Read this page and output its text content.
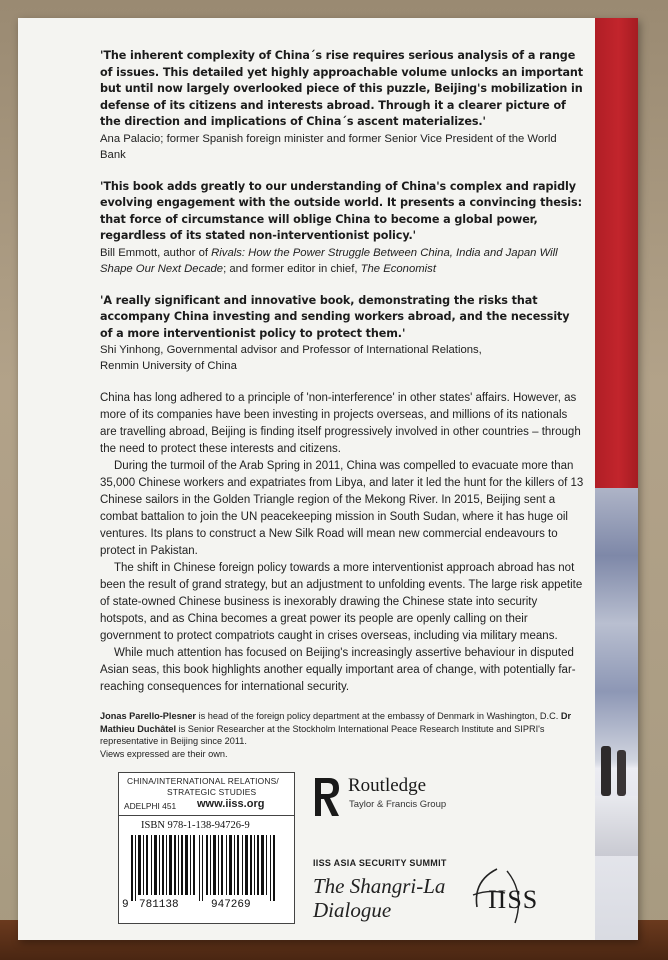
'The inherent complexity of China´s rise requires serious analysis of a range of issues. This detailed yet highly approachable volume unlocks an important but until now largely overlooked piece of this puzzle, Beijing's mobilization in defense of its citizens and interests abroad. Through it a clearer picture of the direction and implications of China´s ascent materializes.'

Ana Palacio; former Spanish foreign minister and former Senior Vice President of the World Bank

'This book adds greatly to our understanding of China's complex and rapidly evolving engagement with the outside world. It presents a convincing thesis: that force of circumstance will oblige China to become a global power, regardless of its stated non-interventionist policy.'

Bill Emmott, author of Rivals: How the Power Struggle Between China, India and Japan Will Shape Our Next Decade; and former editor in chief, The Economist

'A really significant and innovative book, demonstrating the risks that accompany China investing and sending workers abroad, and the necessity of a more interventionist policy to protect them.'

Shi Yinhong, Governmental advisor and Professor of International Relations,
Renmin University of China

China has long adhered to a principle of 'non-interference' in other states' affairs. However, as more of its companies have been investing in projects overseas, and millions of its nationals are travelling abroad, Beijing is finding itself progressively involved in other countries – through the need to protect these interests and citizens.

During the turmoil of the Arab Spring in 2011, China was compelled to evacuate more than 35,000 Chinese workers and expatriates from Libya, and later it led the hunt for the killers of 13 Chinese sailors in the Golden Triangle region of the Mekong River. In 2015, Beijing sent a combat battalion to join the UN peacekeeping mission in South Sudan, where it has huge oil ventures. Its plans to construct a New Silk Road will mean new commercial endeavours to protect in Pakistan.

The shift in Chinese foreign policy towards a more interventionist approach abroad has not been the result of grand strategy, but an adjustment to unfolding events. The large risk appetite of state-owned Chinese business is inexorably drawing the Chinese state into security hotspots, and as China becomes a great power its people are openly calling on their government to protect compatriots caught in crises overseas, including via military means.

While much attention has focused on Beijing's increasingly assertive behaviour in disputed Asian seas, this book highlights another equally important area of change, with potentially far-reaching consequences for international security.

Jonas Parello-Plesner is head of the foreign policy department at the embassy of Denmark in Washington, D.C. Dr Mathieu Duchâtel is Senior Researcher at the Stockholm International Peace Research Institute and SIPRI's representative in Beijing since 2011.
Views expressed are their own.

CHINA/INTERNATIONAL RELATIONS/
STRATEGIC STUDIES
ADELPHI 451 www.iiss.org
ISBN 978-1-138-94726-9
9 781138	947269
Routledge
Taylor & Francis Group
IISS ASIA SECURITY SUMMIT
The Shangri-La
Dialogue	IISS
